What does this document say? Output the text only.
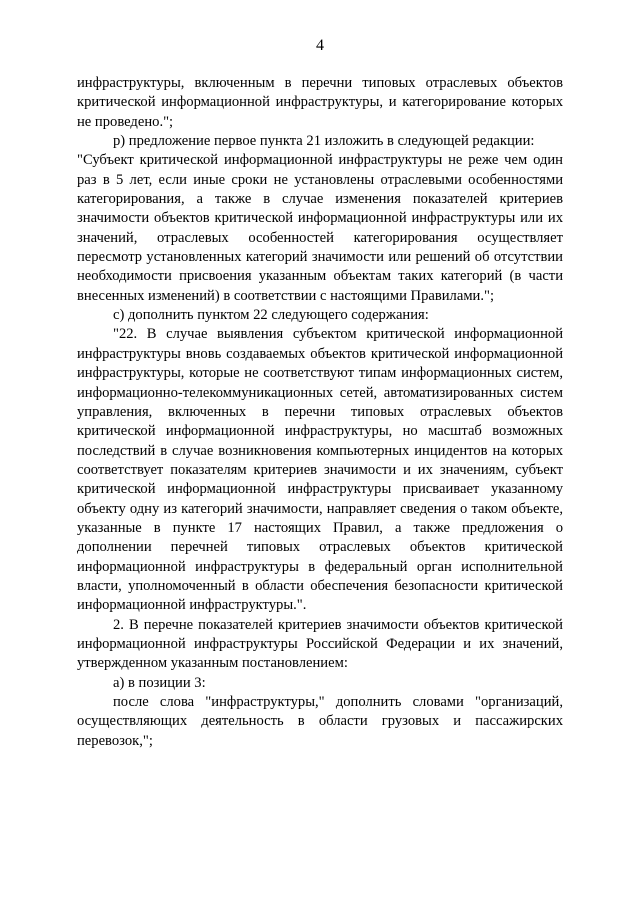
4

инфраструктуры, включенным в перечни типовых отраслевых объектов критической информационной инфраструктуры, и категорирование которых не проведено.";

р) предложение первое пункта 21 изложить в следующей редакции:

"Субъект критической информационной инфраструктуры не реже чем один раз в 5 лет, если иные сроки не установлены отраслевыми особенностями категорирования, а также в случае изменения показателей критериев значимости объектов критической информационной инфраструктуры или их значений, отраслевых особенностей категорирования осуществляет пересмотр установленных категорий значимости или решений об отсутствии необходимости присвоения указанным объектам таких категорий (в части внесенных изменений) в соответствии с настоящими Правилами.";

с) дополнить пунктом 22 следующего содержания:

"22. В случае выявления субъектом критической информационной инфраструктуры вновь создаваемых объектов критической информационной инфраструктуры, которые не соответствуют типам информационных систем, информационно-телекоммуникационных сетей, автоматизированных систем управления, включенных в перечни типовых отраслевых объектов критической информационной инфраструктуры, но масштаб возможных последствий в случае возникновения компьютерных инцидентов на которых соответствует показателям критериев значимости и их значениям, субъект критической информационной инфраструктуры присваивает указанному объекту одну из категорий значимости, направляет сведения о таком объекте, указанные в пункте 17 настоящих Правил, а также предложения о дополнении перечней типовых отраслевых объектов критической информационной инфраструктуры в федеральный орган исполнительной власти, уполномоченный в области обеспечения безопасности критической информационной инфраструктуры.".

2. В перечне показателей критериев значимости объектов критической информационной инфраструктуры Российской Федерации и их значений, утвержденном указанным постановлением:

а) в позиции 3:

после слова "инфраструктуры," дополнить словами "организаций, осуществляющих деятельность в области грузовых и пассажирских перевозок,";
